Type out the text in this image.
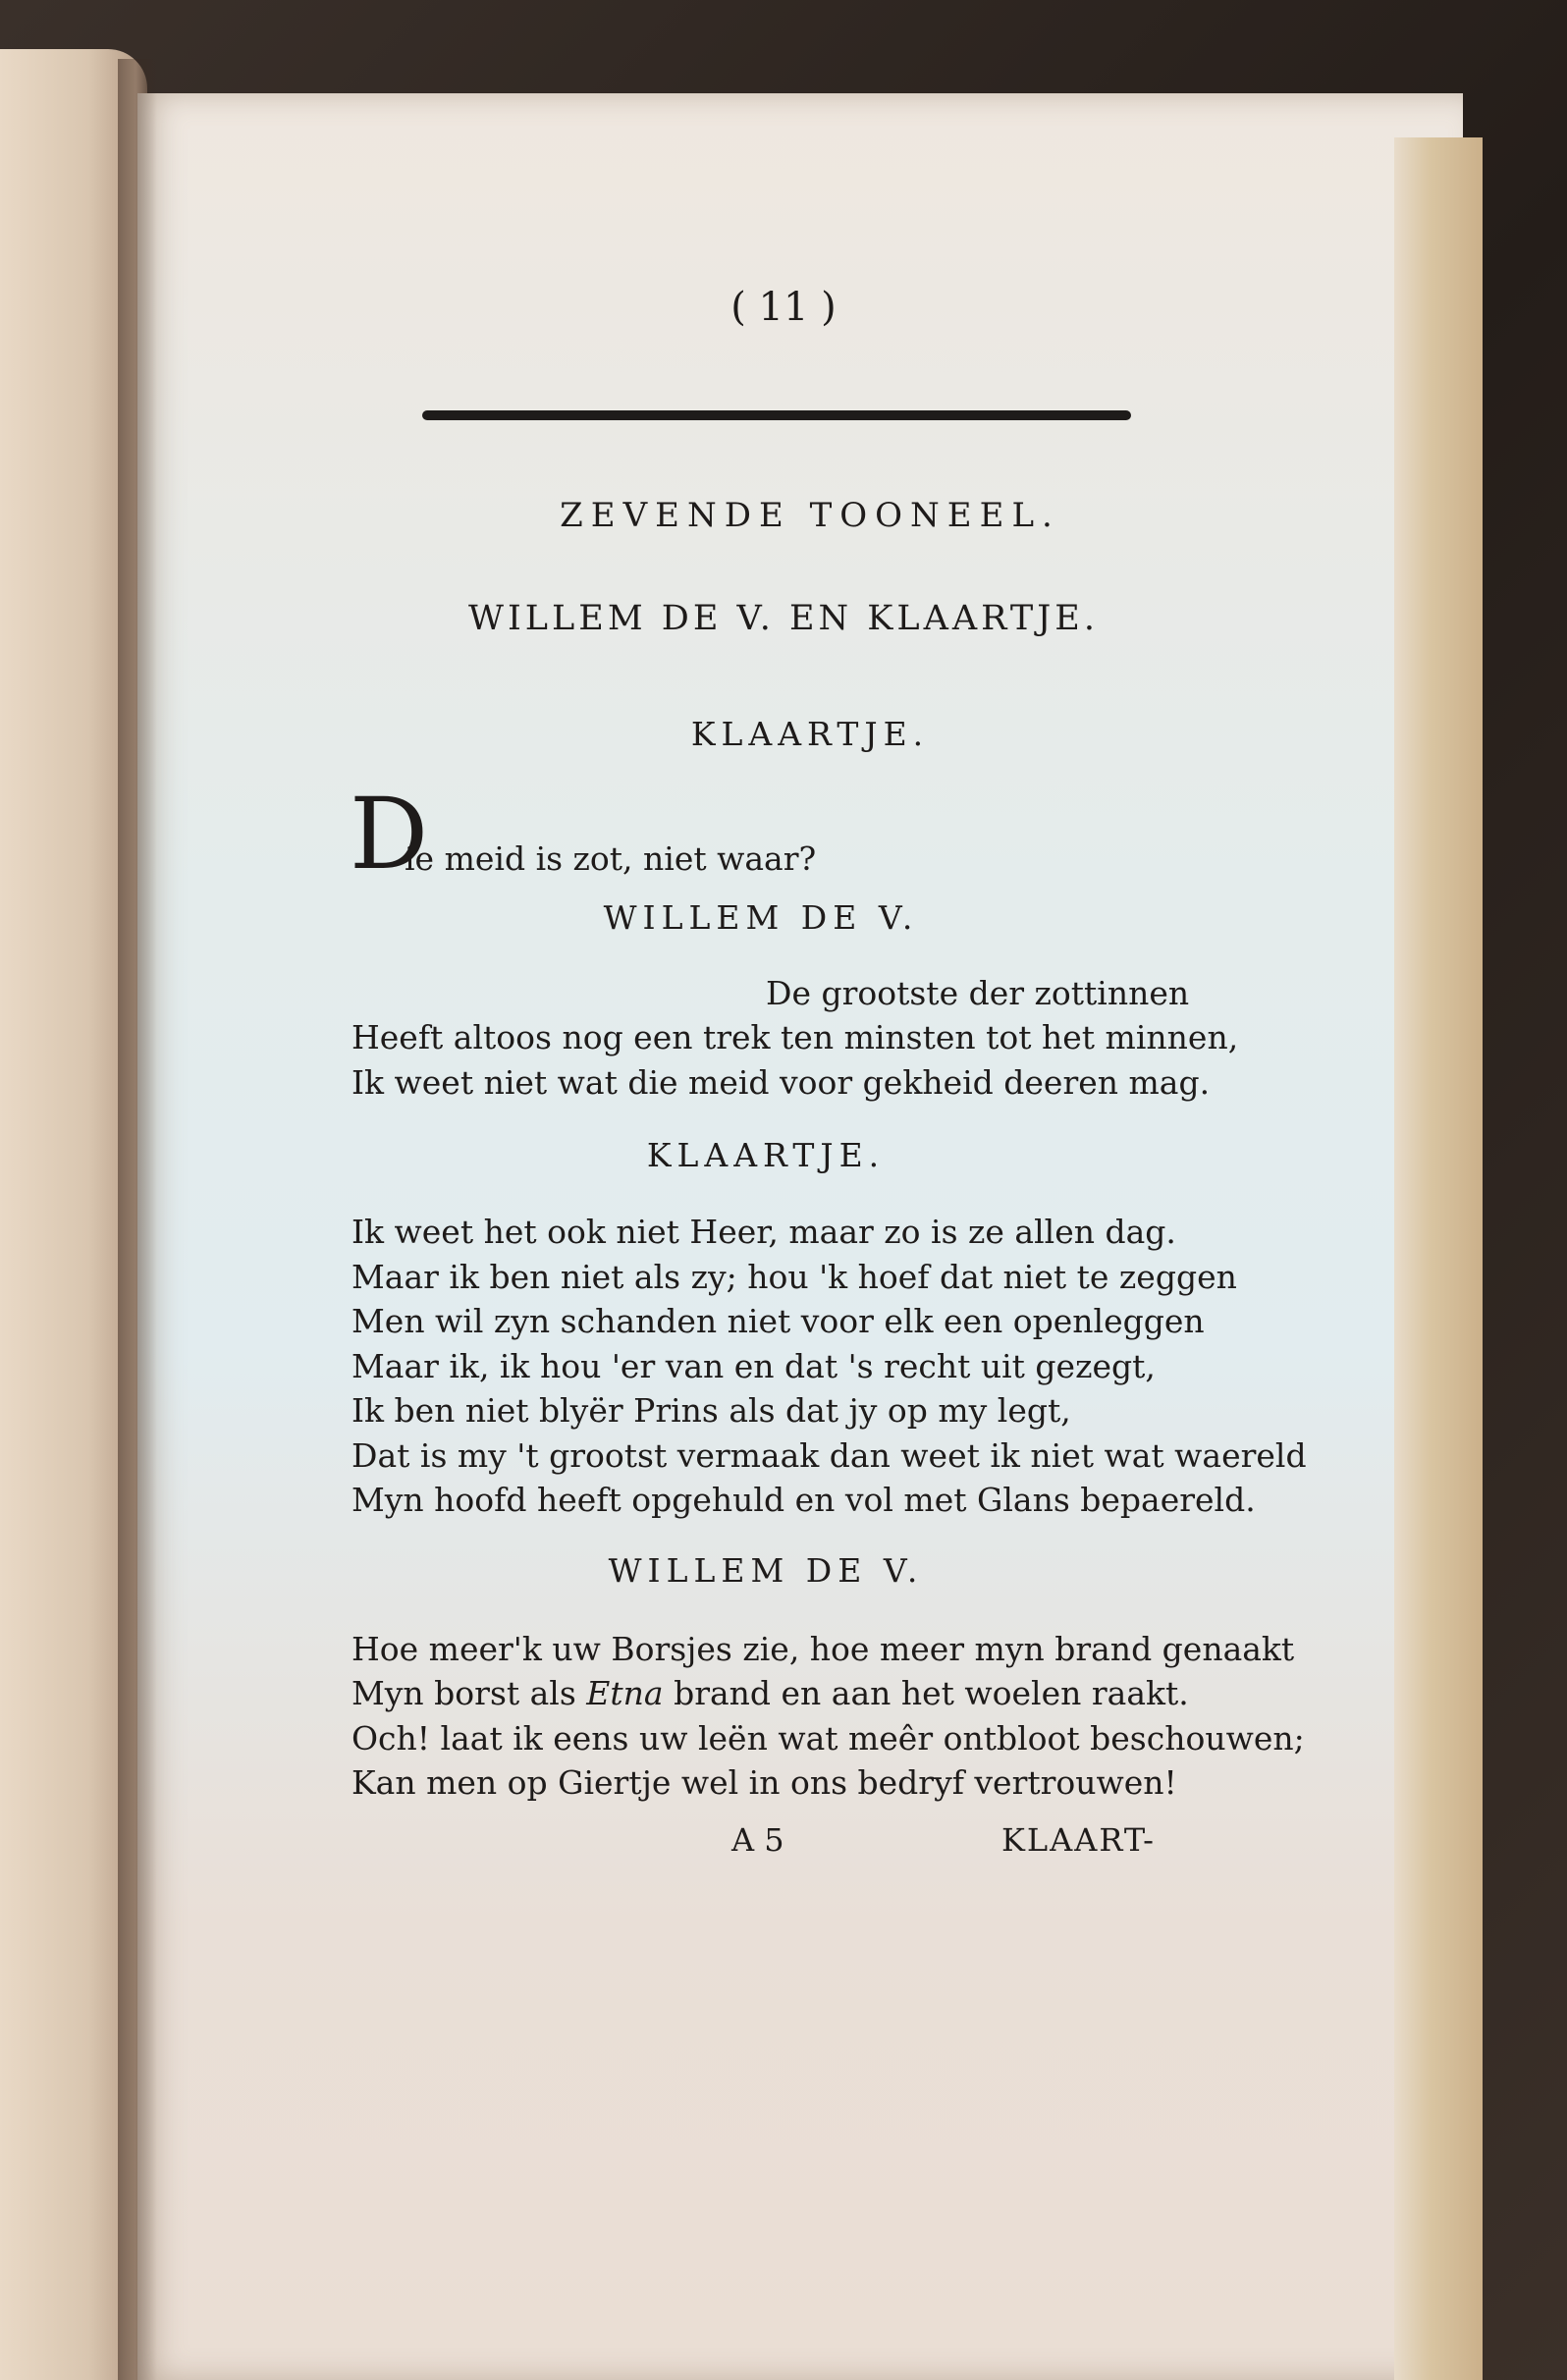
( 11 )
ZEVENDE TOONEEL.
WILLEM DE V. EN KLAARTJE.
KLAARTJE.
D
ie meid is zot, niet waar?
WILLEM DE V.
De grootste der zottinnen
Heeft altoos nog een trek ten minsten tot het minnen,
Ik weet niet wat die meid voor gekheid deeren mag.
KLAARTJE.
Ik weet het ook niet Heer, maar zo is ze allen dag.
Maar ik ben niet als zy; hou 'k hoef dat niet te zeggen
Men wil zyn schanden niet voor elk een openleggen
Maar ik, ik hou 'er van en dat 's recht uit gezegt,
Ik ben niet blyër Prins als dat jy op my legt,
Dat is my 't grootst vermaak dan weet ik niet wat waereld
Myn hoofd heeft opgehuld en vol met Glans bepaereld.
WILLEM DE V.
Hoe meer'k uw Borsjes zie, hoe meer myn brand genaakt
Myn borst als Etna brand en aan het woelen raakt.
Och! laat ik eens uw leën wat meêr ontbloot beschouwen;
Kan men op Giertje wel in ons bedryf vertrouwen!
A 5	KLAART-
